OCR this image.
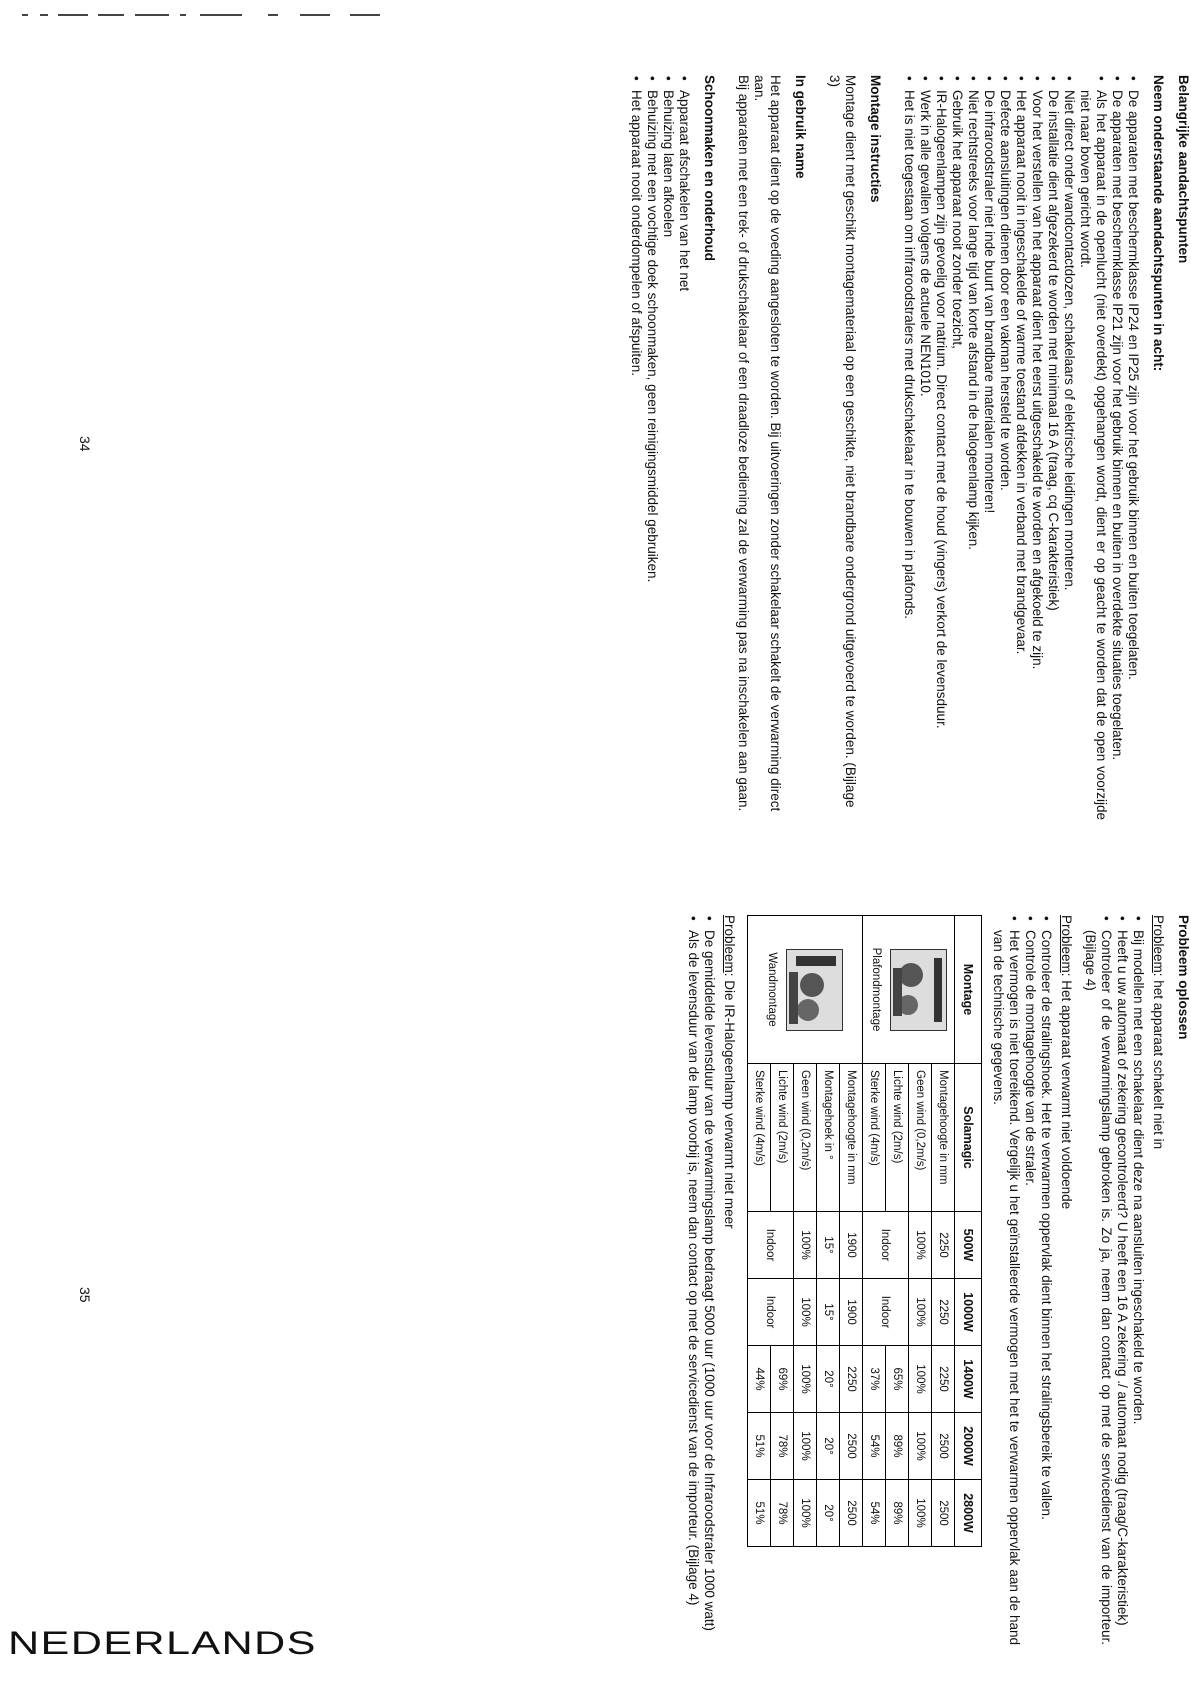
Belangrijke aandachtspunten
Neem onderstaande aandachtspunten in acht:
• De apparaten met beschermklasse IP24 en IP25 zijn voor het gebruik binnen en buiten toegelaten.
• De apparaten met beschermklasse IP21 zijn voor het gebruik binnen en buiten in overdekte situaties toegelaten.
• Als het apparaat in de openlucht (niet overdekt) opgehangen wordt, dient er op geacht te worden dat de open voorzijde niet naar boven gericht wordt.
• Niet direct onder wandcontactdozen, schakelaars of elektrische leidingen monteren.
• De installatie dient afgezekerd te worden met minimaal 16 A (traag, cq C-karakteristiek)
• Voor het verstellen van het apparaat dient het eerst uitgeschakeld te worden en afgekoeld te zijn.
• Het apparaat nooit in ingeschakelde of warme toestand afdekken in verband met brandgevaar.
• Defecte aansluitingen dienen door een vakman hersteld te worden.
• De infraroodstraler niet inde buurt van brandbare materialen monteren!
• Niet rechtstreeks voor lange tijd van korte afstand in de halogeenlamp kijken.
• Gebruik het apparaat nooit zonder toezicht,
• IR-Halogeenlampen zijn gevoelig voor natrium. Direct contact met de houd (vingers) verkort de levensduur.
• Werk in alle gevallen volgens de actuele NEN1010.
• Het is niet toegestaan om infraroodstralers met drukschakelaar in te bouwen in plafonds.
Montage instructies

Montage dient met geschikt montagemateriaal op een geschikte, niet brandbare ondergrond uitgevoerd te worden. (Bijlage 3)

In gebruik name

Het apparaat dient op de voeding aangesloten te worden. Bij uitvoeringen zonder schakelaar schakelt de verwarming direct aan.

Bij apparaten met een trek- of drukschakelaar of een draadloze bediening zal de verwarming pas na inschakelen aan gaan.

Schoonmaken en onderhoud
• Apparaat afschakelen van het net
• Behuizing laten afkoelen
• Behuizing met een vochtige doek schoonmaken, geen reinigingsmiddel gebruiken.
• Het apparaat nooit onderdompelen of afspuiten.
34
Probleem oplossen
Probleem: het apparaat schakelt niet in
• Bij modellen met een schakelaar dient deze na aansluiten ingeschakeld te worden.
• Heeft u uw automaat of zekering gecontroleerd? U heeft een 16 A zekering ./ automaat nodig (traag/C-karakteristiek)
• Controleer of de verwarmingslamp gebroken is. Zo ja, neem dan contact op met de servicedienst van de importeur. (Bijlage 4)
Probleem: Het apparaat verwarmt niet voldoende
• Controleer de stralingshoek. Het te verwarmen oppervlak dient binnen het stralingsbereik te vallen.
• Controle de montagehoogte van de straler.
• Het vermogen is niet toereikend. Vergelijk u het geïnstalleerde vermogen met het te verwarmen oppervlak aan de hand van de technische gegevens.
Montage	Solamagic	500W	1000W	1400W	2000W	2800W

Plafondmontage	Montagehoogte in mm	2250	2250	2250	2500	2500
	Geen wind (0,2m/s)	100%	100%	100%	100%	100%
	Lichte wind (2m/s)	Indoor	Indoor	65%	89%	89%
	Sterke wind (4m/s)			37%	54%	54%

Wandmontage	Montagehoogte in mm	1900	1900	2250	2500	2500
	Montagehoek in °	15°	15°	20°	20°	20°
	Geen wind (0,2m/s)	100%	100%	100%	100%	100%
	Lichte wind (2m/s)	Indoor	Indoor	69%	78%	78%
	Sterke wind (4m/s)			44%	51%	51%
Probleem: Die IR-Halogeenlamp verwarmt niet meer
• De gemiddelde levensduur van de verwarmingslamp bedraagt 5000 uur (1000 uur voor de Infraroodstraler 1000 watt)
• Als de levensduur van de lamp voorbij is, neem dan contact op met de servicedienst van de importeur. (Bijlage 4)
35
NEDERLANDS
